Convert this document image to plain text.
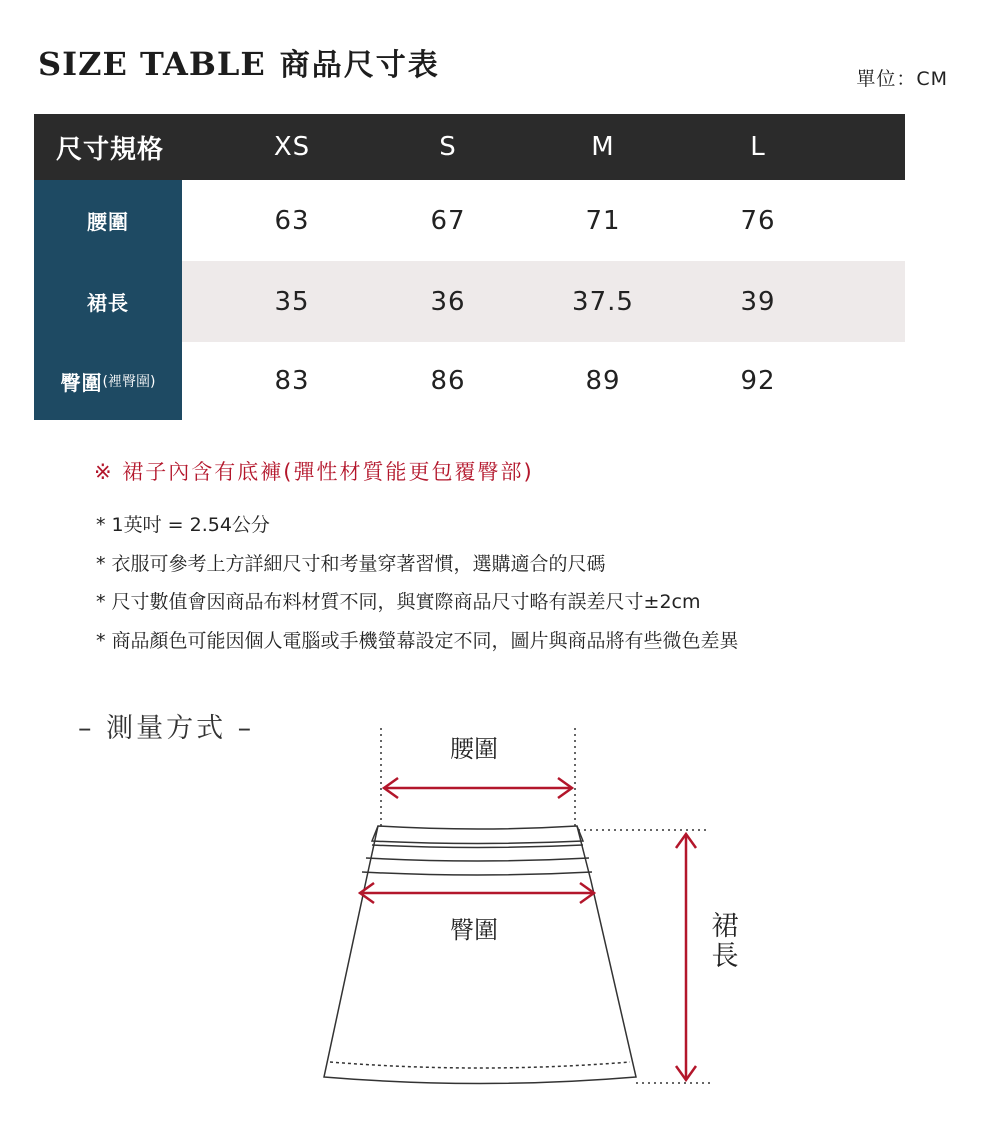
SIZE TABLE 商品尺寸表	單位：CM
尺寸規格	XS	S	M	L
腰圍	63	67	71	76
裙長	35	36	37.5	39
臀圍 (裡臀圍)	83	86	89	92
※ 裙子內含有底褲(彈性材質能更包覆臀部)
* 1英吋 = 2.54公分
* 衣服可參考上方詳細尺寸和考量穿著習慣，選購適合的尺碼
* 尺寸數值會因商品布料材質不同，與實際商品尺寸略有誤差尺寸±2cm
* 商品顏色可能因個人電腦或手機螢幕設定不同，圖片與商品將有些微色差異
– 測量方式 –
腰圍
臀圍	裙長
